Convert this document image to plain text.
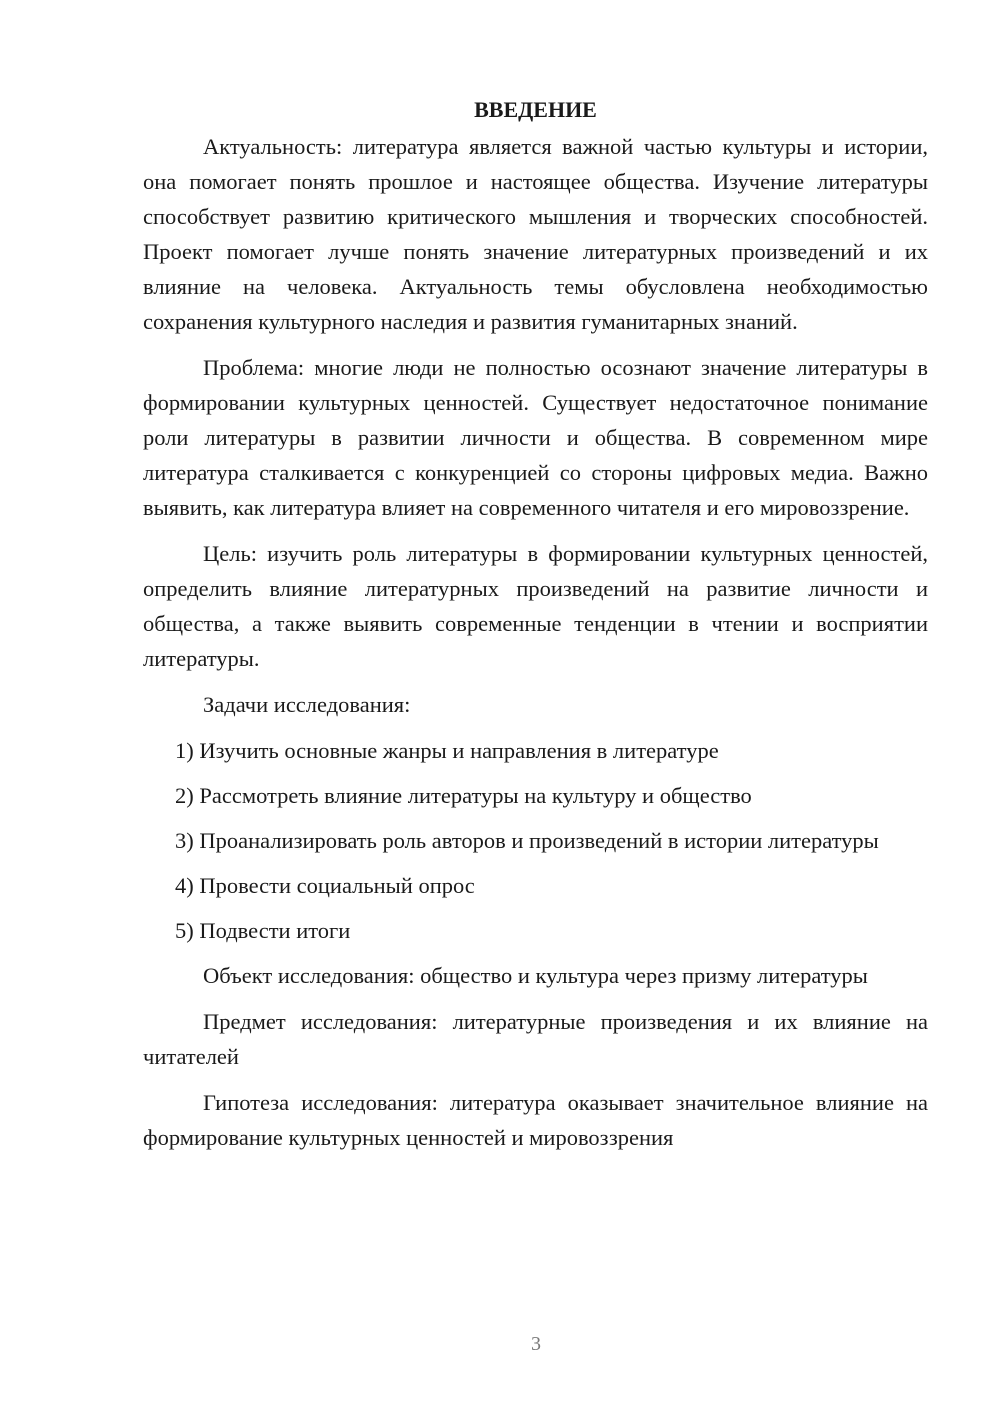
ВВЕДЕНИЕ

Актуальность: литература является важной частью культуры и истории, она помогает понять прошлое и настоящее общества. Изучение литературы способствует развитию критического мышления и творческих способностей. Проект помогает лучше понять значение литературных произведений и их влияние на человека. Актуальность темы обусловлена необходимостью сохранения культурного наследия и развития гуманитарных знаний.

Проблема: многие люди не полностью осознают значение литературы в формировании культурных ценностей. Существует недостаточное понимание роли литературы в развитии личности и общества. В современном мире литература сталкивается с конкуренцией со стороны цифровых медиа. Важно выявить, как литература влияет на современного читателя и его мировоззрение.

Цель: изучить роль литературы в формировании культурных ценностей, определить влияние литературных произведений на развитие личности и общества, а также выявить современные тенденции в чтении и восприятии литературы.

Задачи исследования:

1) Изучить основные жанры и направления в литературе

2) Рассмотреть влияние литературы на культуру и общество

3) Проанализировать роль авторов и произведений в истории литературы

4) Провести социальный опрос

5) Подвести итоги

Объект исследования: общество и культура через призму литературы

Предмет исследования: литературные произведения и их влияние на читателей

Гипотеза исследования: литература оказывает значительное влияние на формирование культурных ценностей и мировоззрения

3
